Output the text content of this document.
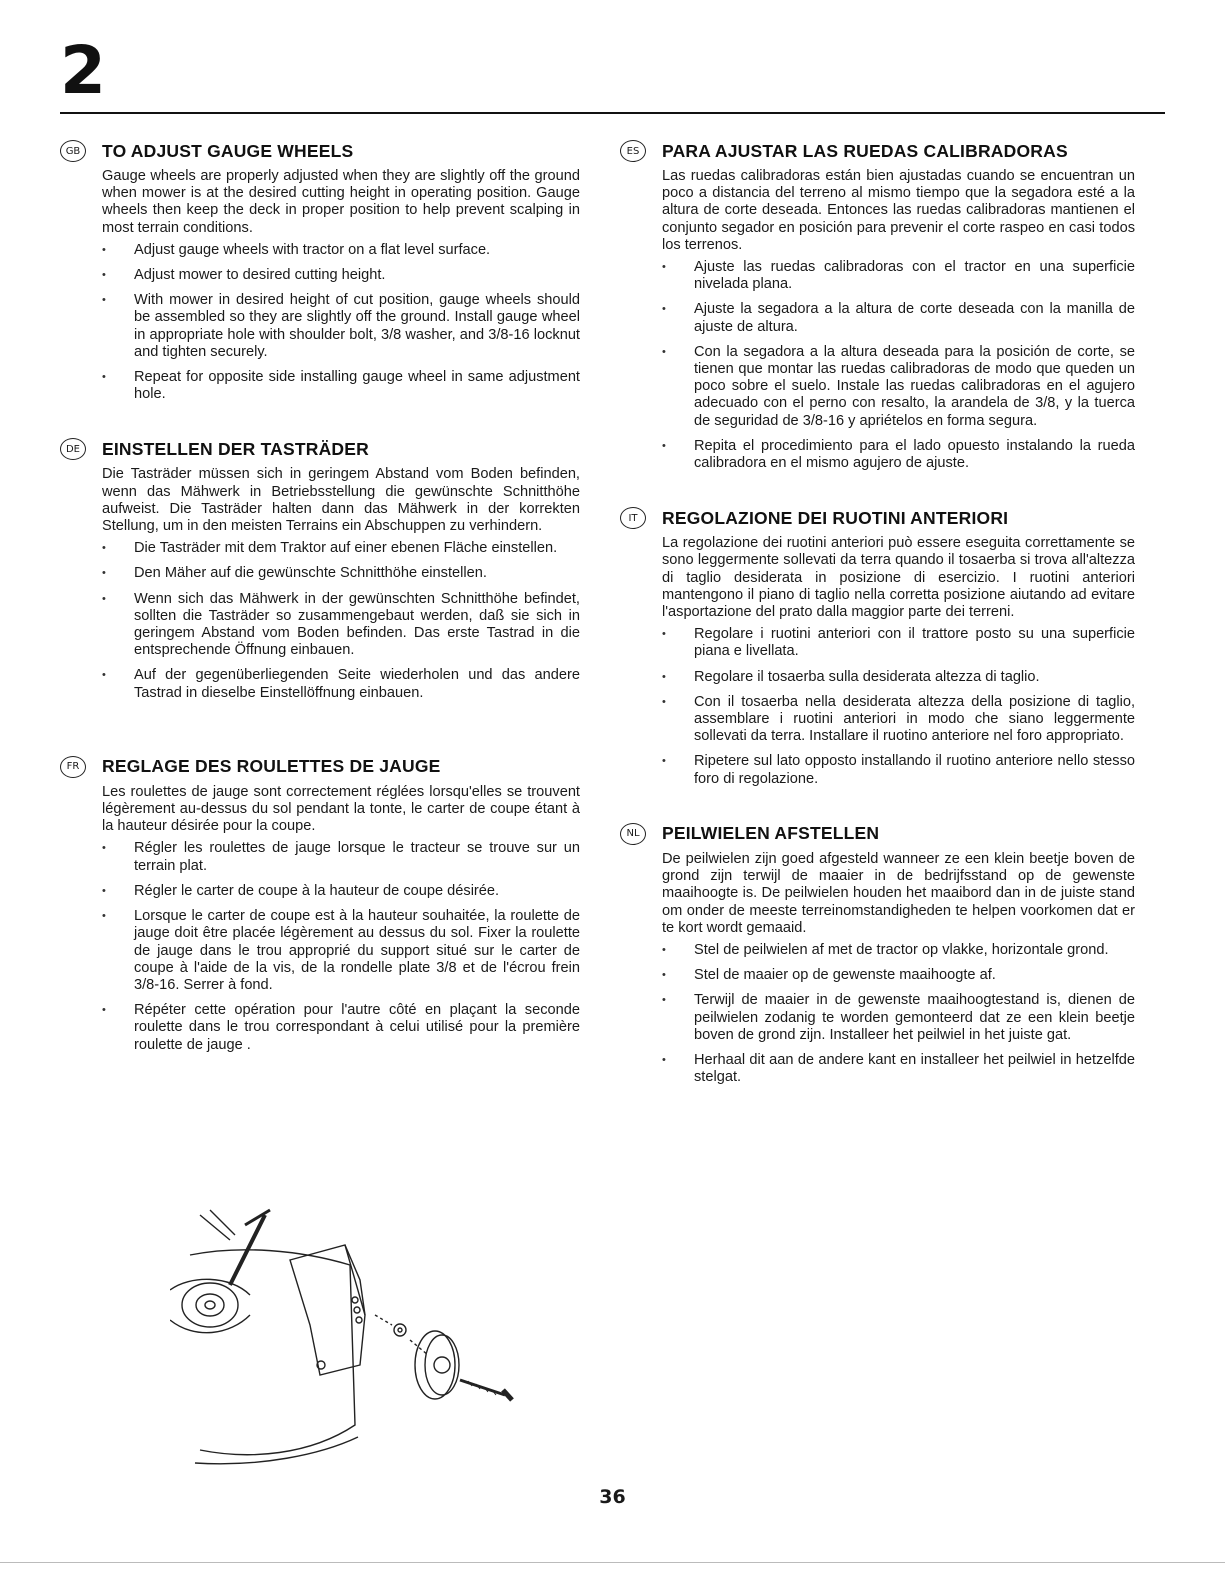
2
GB	TO ADJUST GAUGE WHEELS

Gauge wheels are properly adjusted when they are slightly off the ground when mower is at the desired cutting height in operating position. Gauge wheels then keep the deck in proper position to help prevent scalping in most terrain conditions.

• Adjust gauge wheels with tractor on a flat level surface.
• Adjust mower to desired cutting height.
• With mower in desired height of cut position, gauge wheels should be assembled so they are slightly off the ground. Install gauge wheel in appropriate hole with shoulder bolt, 3/8 washer, and 3/8-16 locknut and tighten securely.
• Repeat for opposite side installing gauge wheel in same adjustment hole.
DE	EINSTELLEN DER TASTRÄDER

Die Tasträder müssen sich in geringem Abstand vom Boden befinden, wenn das Mähwerk in Betriebsstellung die gewünschte Schnitthöhe aufweist. Die Tasträder halten dann das Mähwerk in der korrekten Stellung, um in den meisten Terrains ein Abschuppen zu verhindern.

• Die Tasträder mit dem Traktor auf einer ebenen Fläche einstellen.
• Den Mäher auf die gewünschte Schnitthöhe einstellen.
• Wenn sich das Mähwerk in der gewünschten Schnitthöhe befindet, sollten die Tasträder so zusammengebaut werden, daß sie sich in geringem Abstand vom Boden befinden. Das erste Tastrad in die entsprechende Öffnung einbauen.
• Auf der gegenüberliegenden Seite wiederholen und das andere Tastrad in dieselbe Einstellöffnung einbauen.
FR	REGLAGE DES ROULETTES DE JAUGE

Les roulettes de jauge sont correctement réglées lorsqu'elles se trouvent légèrement au-dessus du sol pendant la tonte, le carter de coupe étant à la hauteur désirée pour la coupe.

• Régler les roulettes de jauge lorsque le tracteur se trouve sur un terrain plat.
• Régler le carter de coupe à la hauteur de coupe désirée.
• Lorsque le carter de coupe est à la hauteur souhaitée, la roulette de jauge doit être placée légèrement au dessus du sol. Fixer la roulette de jauge dans le trou approprié du support situé sur le carter de coupe à l'aide de la vis, de la rondelle plate 3/8 et de l'écrou frein 3/8-16. Serrer à fond.
• Répéter cette opération pour l'autre côté en plaçant la seconde roulette dans le trou correspondant à celui utilisé pour la première roulette de jauge .
ES	PARA AJUSTAR LAS RUEDAS CALIBRADORAS

Las ruedas calibradoras están bien ajustadas cuando se encuentran un poco a distancia del terreno al mismo tiempo que la segadora esté a la altura de corte deseada. Entonces las ruedas calibradoras mantienen el conjunto segador en posición para prevenir el corte raspeo en casi todos los terrenos.

• Ajuste las ruedas calibradoras con el tractor en una superficie nivelada plana.
• Ajuste la segadora a la altura de corte deseada con la manilla de ajuste de altura.
• Con la segadora a la altura deseada para la posición de corte, se tienen que montar las ruedas calibradoras de modo que queden un poco sobre el suelo. Instale las ruedas calibradoras en el agujero adecuado con el perno con resalto, la arandela de 3/8, y la tuerca de seguridad de 3/8-16 y apriételos en forma segura.
• Repita el procedimiento para el lado opuesto instalando la rueda calibradora en el mismo agujero de ajuste.
IT	REGOLAZIONE DEI RUOTINI ANTERIORI

La regolazione dei ruotini anteriori può essere eseguita correttamente se sono leggermente sollevati da terra quando il tosaerba si trova all'altezza di taglio desiderata in posizione di esercizio. I ruotini anteriori mantengono il piano di taglio nella corretta posizione aiutando ad evitare l'asportazione del prato dalla maggior parte dei terreni.

• Regolare i ruotini anteriori con il trattore posto su una superficie piana e livellata.
• Regolare il tosaerba sulla desiderata altezza di taglio.
• Con il tosaerba nella desiderata altezza della posizione di taglio, assemblare i ruotini anteriori in modo che siano leggermente sollevati da terra. Installare il ruotino anteriore nel foro appropriato.
• Ripetere sul lato opposto installando il ruotino anteriore nello stesso foro di regolazione.
NL	PEILWIELEN AFSTELLEN

De peilwielen zijn goed afgesteld wanneer ze een klein beetje boven de grond zijn terwijl de maaier in de bedrijfsstand op de gewenste maaihoogte is. De peilwielen houden het maaibord dan in de juiste stand om onder de meeste terreinomstandigheden te helpen voorkomen dat er te kort wordt gemaaid.

• Stel de peilwielen af met de tractor op vlakke, horizontale grond.
• Stel de maaier op de gewenste maaihoogte af.
• Terwijl de maaier in de gewenste maaihoogtestand is, dienen de peilwielen zodanig te worden gemonteerd dat ze een klein beetje boven de grond zijn. Installeer het peilwiel in het juiste gat.
• Herhaal dit aan de andere kant en installeer het peilwiel in hetzelfde stelgat.
36
